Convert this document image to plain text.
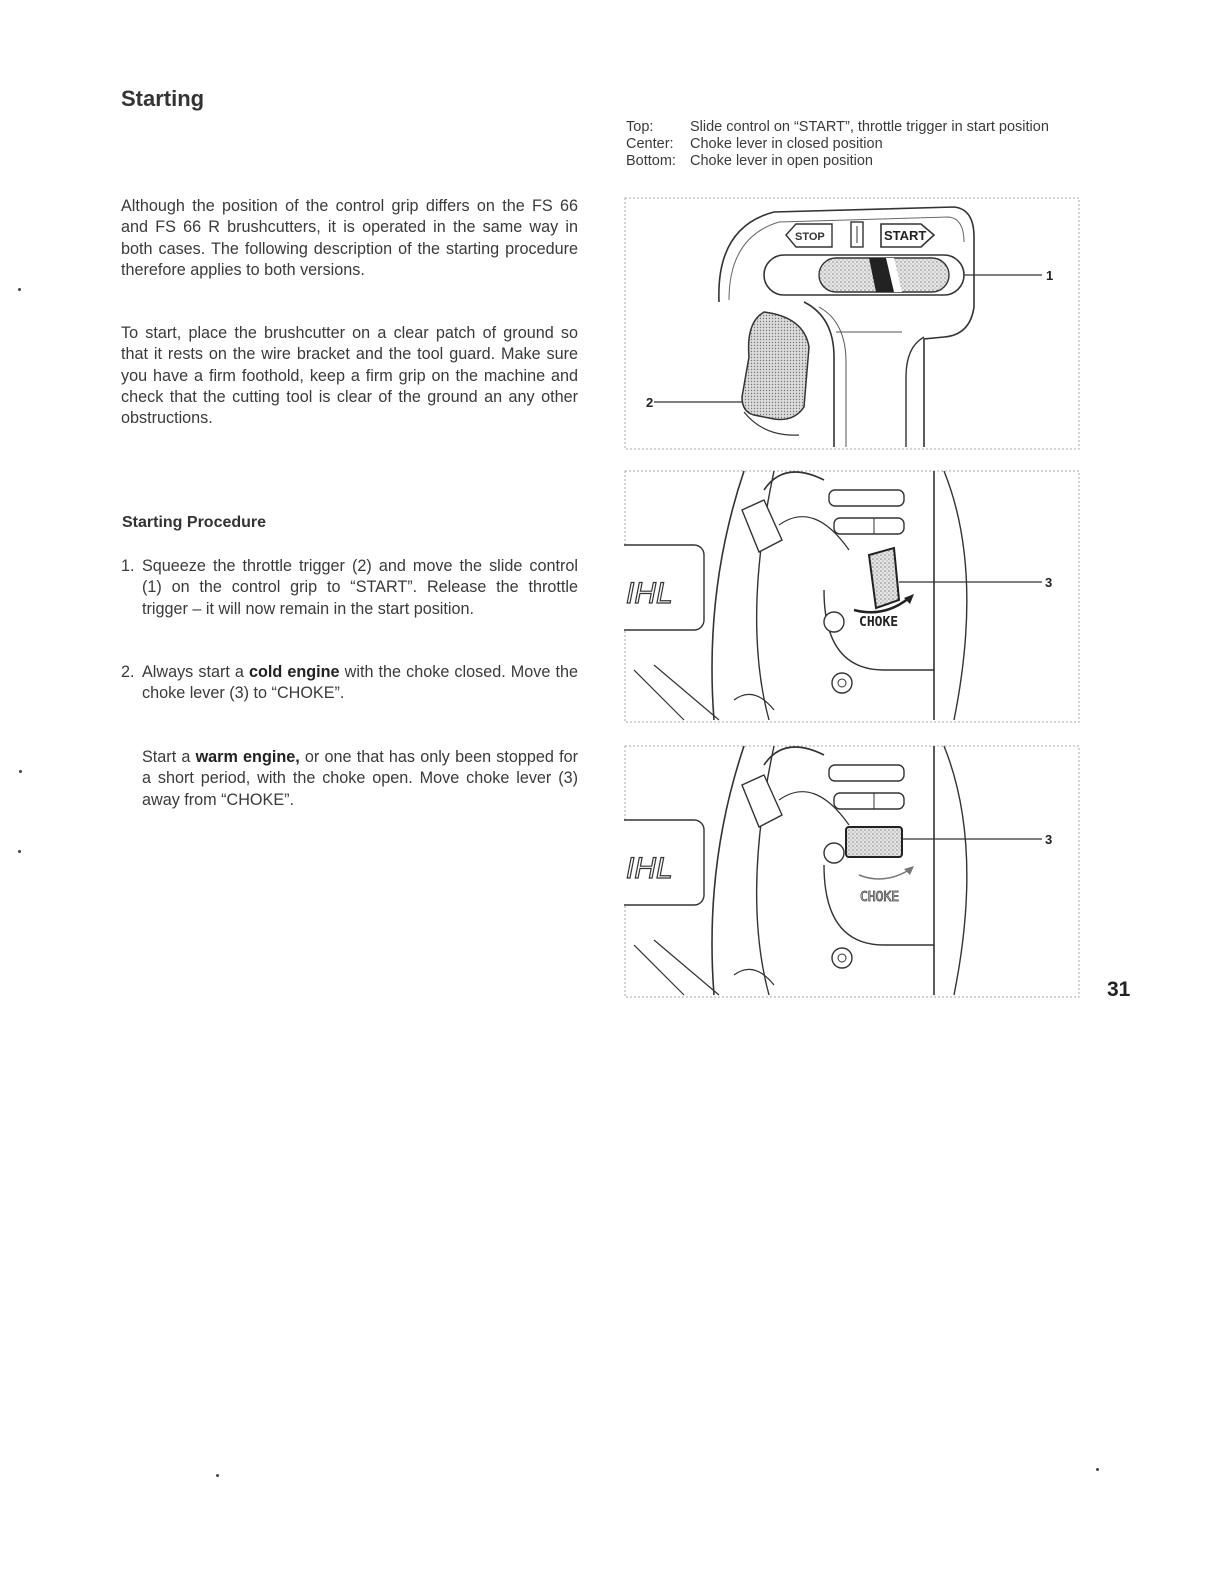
Starting
Top:	Slide control on “START”, throttle trigger in start position
Center:	Choke lever in closed position
Bottom: Choke lever in open position
Although the position of the control grip differs on the FS 66 and FS 66 R brushcutters, it is operated in the same way in both cases. The following description of the starting procedure therefore applies to both versions.
To start, place the brushcutter on a clear patch of ground so that it rests on the wire bracket and the tool guard. Make sure you have a firm foothold, keep a firm grip on the machine and check that the cutting tool is clear of the ground an any other obstructions.
Starting Procedure
1. Squeeze the throttle trigger (2) and move the slide control (1) on the control grip to “START”. Release the throttle trigger – it will now remain in the start position.
2. Always start a cold engine with the choke closed. Move the choke lever (3) to “CHOKE”.
Start a warm engine, or one that has only been stopped for a short period, with the choke open. Move choke lever (3) away from “CHOKE”.
STOP	START
1
2
IHL
CHOKE
3
IHL
CHOKE
3
31
